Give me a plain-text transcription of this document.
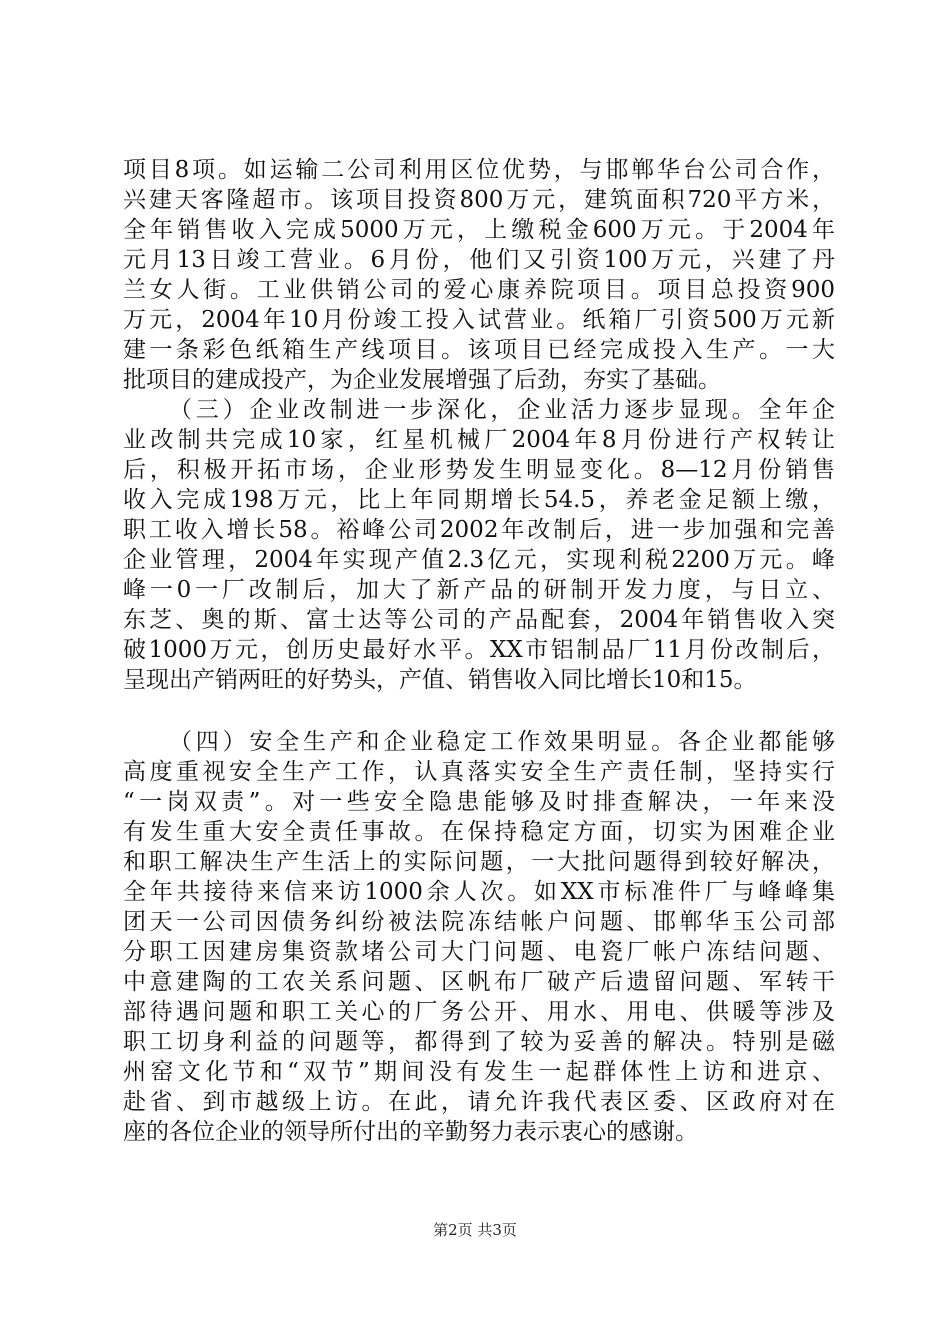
项目8项。如运输二公司利用区位优势，与邯郸华台公司合作，
兴建天客隆超市。该项目投资800万元，建筑面积720平方米，
全年销售收入完成5000万元，上缴税金600万元。于2004年
元月13日竣工营业。6月份，他们又引资100万元，兴建了丹
兰女人街。工业供销公司的爱心康养院项目。项目总投资900
万元，2004年10月份竣工投入试营业。纸箱厂引资500万元新
建一条彩色纸箱生产线项目。该项目已经完成投入生产。一大
批项目的建成投产，为企业发展增强了后劲，夯实了基础。
（三）企业改制进一步深化，企业活力逐步显现。全年企
业改制共完成10家，红星机械厂2004年8月份进行产权转让
后，积极开拓市场，企业形势发生明显变化。8—12月份销售
收入完成198万元，比上年同期增长54.5，养老金足额上缴，
职工收入增长58。裕峰公司2002年改制后，进一步加强和完善
企业管理，2004年实现产值2.3亿元，实现利税2200万元。峰
峰一0一厂改制后，加大了新产品的研制开发力度，与日立、
东芝、奥的斯、富士达等公司的产品配套，2004年销售收入突
破1000万元，创历史最好水平。XX市铝制品厂11月份改制后，
呈现出产销两旺的好势头，产值、销售收入同比增长10和15。
（四）安全生产和企业稳定工作效果明显。各企业都能够
高度重视安全生产工作，认真落实安全生产责任制，坚持实行
“一岗双责”。对一些安全隐患能够及时排查解决，一年来没
有发生重大安全责任事故。在保持稳定方面，切实为困难企业
和职工解决生产生活上的实际问题，一大批问题得到较好解决，
全年共接待来信来访1000余人次。如XX市标准件厂与峰峰集
团天一公司因债务纠纷被法院冻结帐户问题、邯郸华玉公司部
分职工因建房集资款堵公司大门问题、电瓷厂帐户冻结问题、
中意建陶的工农关系问题、区帆布厂破产后遗留问题、军转干
部待遇问题和职工关心的厂务公开、用水、用电、供暖等涉及
职工切身利益的问题等，都得到了较为妥善的解决。特别是磁
州窑文化节和“双节”期间没有发生一起群体性上访和进京、
赴省、到市越级上访。在此，请允许我代表区委、区政府对在
座的各位企业的领导所付出的辛勤努力表示衷心的感谢。
第2页 共3页
